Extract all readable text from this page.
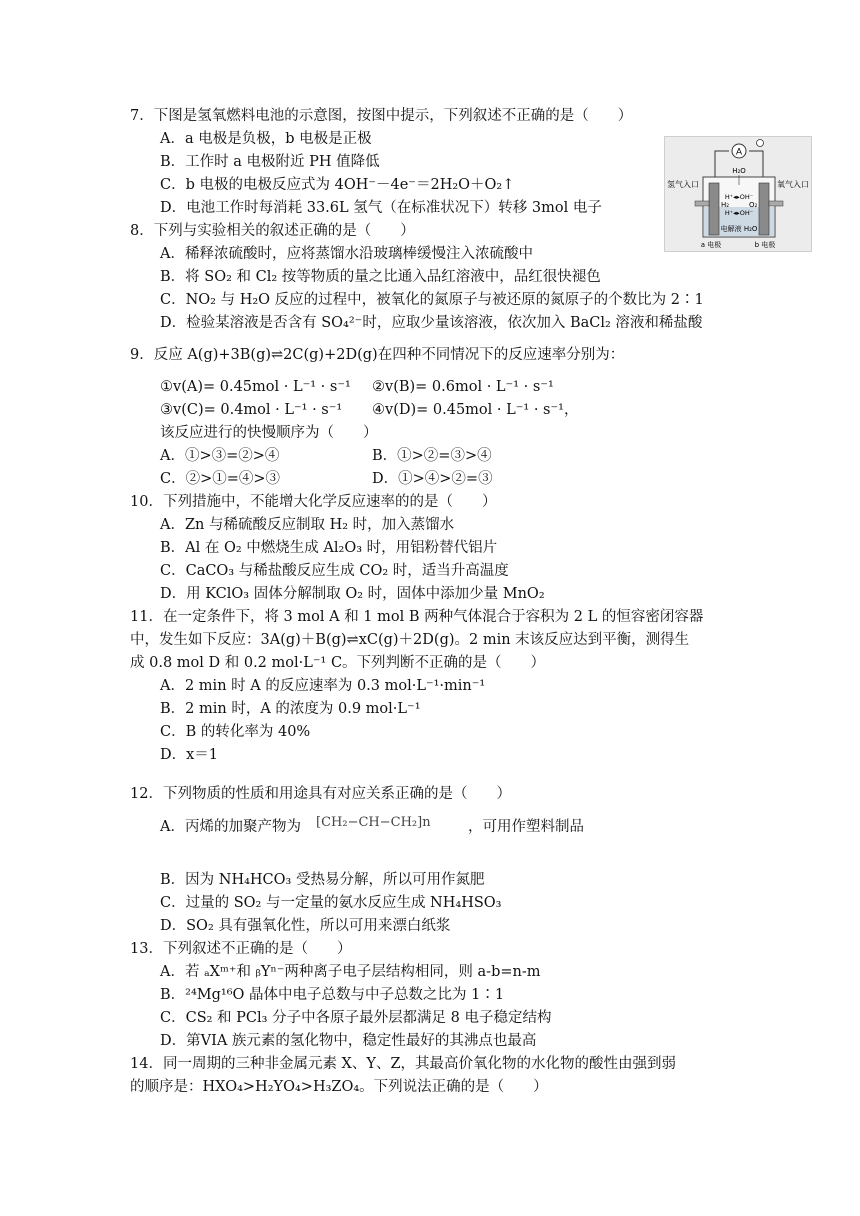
7．下图是氢氧燃料电池的示意图，按图中提示，下列叙述不正确的是（　　）
A．a 电极是负极，b 电极是正极
B．工作时 a 电极附近 PH 值降低
C．b 电极的电极反应式为 4OH⁻－4e⁻＝2H₂O＋O₂↑
D．电池工作时每消耗 33.6L 氢气（在标准状况下）转移 3mol 电子
A
氢气入口	氧气入口
H₂O
H₂	O₂
H⁺◂▸OH⁻
H⁺◂▸OH⁻
电解液 H₂O
a 电极	b 电极
8．下列与实验相关的叙述正确的是（　　）
A．稀释浓硫酸时，应将蒸馏水沿玻璃棒缓慢注入浓硫酸中
B．将 SO₂ 和 Cl₂ 按等物质的量之比通入品红溶液中，品红很快褪色
C．NO₂ 与 H₂O 反应的过程中，被氧化的氮原子与被还原的氮原子的个数比为 2∶1
D．检验某溶液是否含有 SO₄²⁻时，应取少量该溶液，依次加入 BaCl₂ 溶液和稀盐酸
9．反应 A(g)+3B(g)⇌2C(g)+2D(g)在四种不同情况下的反应速率分别为：
①v(A)= 0.45mol · L⁻¹ · s⁻¹ ②v(B)= 0.6mol · L⁻¹ · s⁻¹
③v(C)= 0.4mol · L⁻¹ · s⁻¹ ④v(D)= 0.45mol · L⁻¹ · s⁻¹，
该反应进行的快慢顺序为（　　）
A．①>③=②>④	B．①>②=③>④
C．②>①=④>③	D．①>④>②=③
10．下列措施中，不能增大化学反应速率的的是（　　）
A．Zn 与稀硫酸反应制取 H₂ 时，加入蒸馏水
B．Al 在 O₂ 中燃烧生成 Al₂O₃ 时，用铝粉替代铝片
C．CaCO₃ 与稀盐酸反应生成 CO₂ 时，适当升高温度
D．用 KClO₃ 固体分解制取 O₂ 时，固体中添加少量 MnO₂
11．在一定条件下，将 3 mol A 和 1 mol B 两种气体混合于容积为 2 L 的恒容密闭容器
中，发生如下反应：3A(g)＋B(g)⇌xC(g)＋2D(g)。2 min 末该反应达到平衡，测得生
成 0.8 mol D 和 0.2 mol·L⁻¹ C。下列判断不正确的是（　　）
A．2 min 时 A 的反应速率为 0.3 mol·L⁻¹·min⁻¹
B．2 min 时，A 的浓度为 0.9 mol·L⁻¹
C．B 的转化率为 40%
D．x＝1
12．下列物质的性质和用途具有对应关系正确的是（　　）
A．丙烯的加聚产物为 [CH₂−CH−CH₂]n	，可用作塑料制品
B．因为 NH₄HCO₃ 受热易分解，所以可用作氮肥
C．过量的 SO₂ 与一定量的氨水反应生成 NH₄HSO₃
D．SO₂ 具有强氧化性，所以可用来漂白纸浆
13．下列叙述不正确的是（　　）
A．若 ₐXᵐ⁺和 ᵦYⁿ⁻两种离子电子层结构相同，则 a-b=n-m
B．²⁴Mg¹⁶O 晶体中电子总数与中子总数之比为 1∶1
C．CS₂ 和 PCl₃ 分子中各原子最外层都满足 8 电子稳定结构
D．第VIA 族元素的氢化物中，稳定性最好的其沸点也最高
14．同一周期的三种非金属元素 X、Y、Z，其最高价氧化物的水化物的酸性由强到弱
的顺序是：HXO₄>H₂YO₄>H₃ZO₄。下列说法正确的是（　　）
